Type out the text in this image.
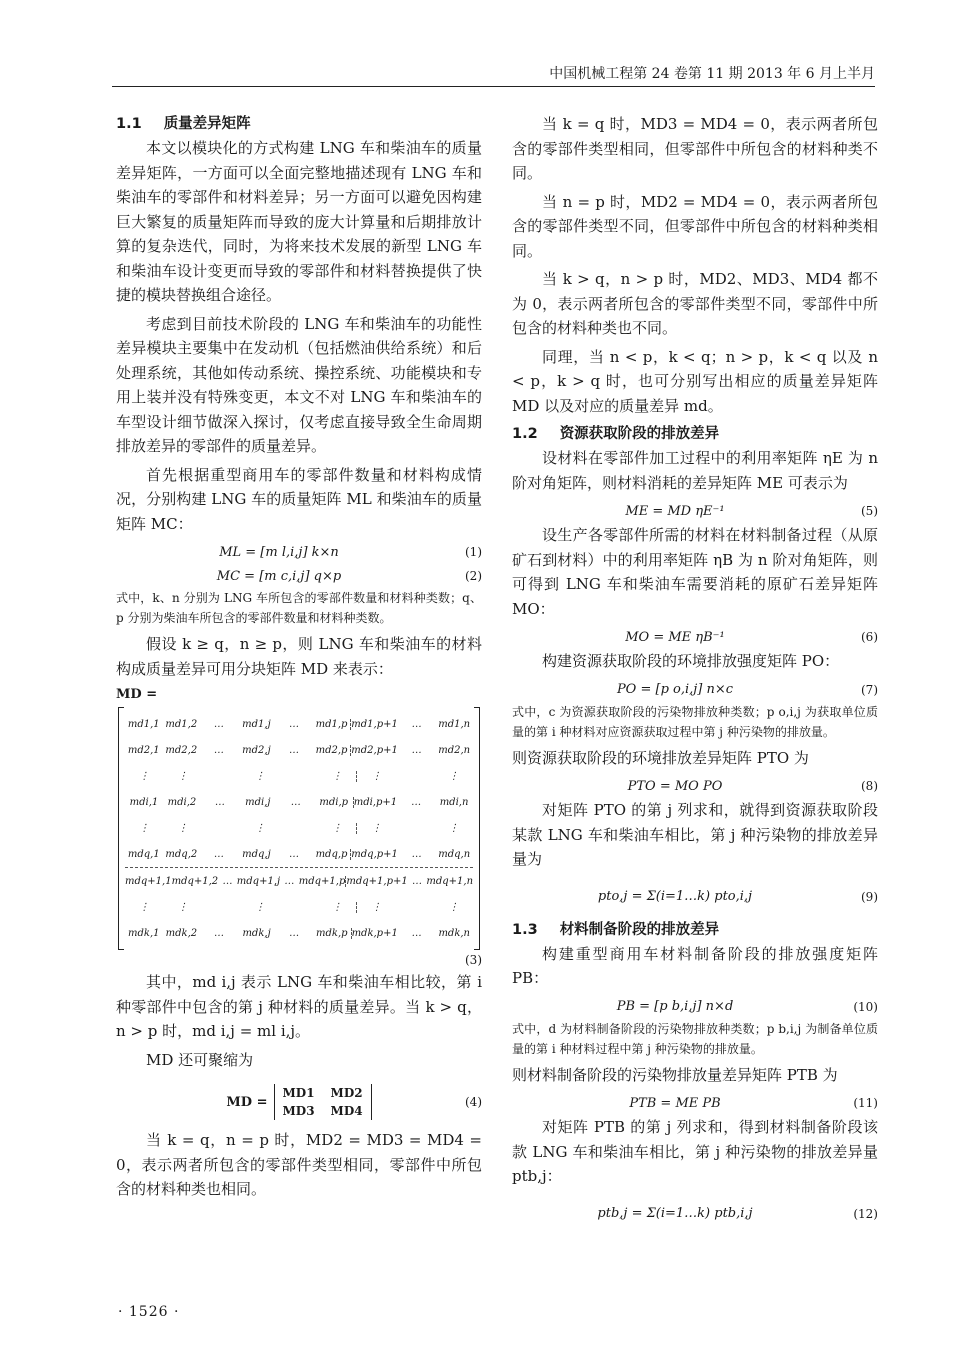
中国机械工程第 24 卷第 11 期 2013 年 6 月上半月
1.1 质量差异矩阵

本文以模块化的方式构建 LNG 车和柴油车的质量差异矩阵，一方面可以全面完整地描述现有 LNG 车和柴油车的零部件和材料差异；另一方面可以避免因构建巨大繁复的质量矩阵而导致的庞大计算量和后期排放计算的复杂迭代，同时，为将来技术发展的新型 LNG 车和柴油车设计变更而导致的零部件和材料替换提供了快捷的模块替换组合途径。

考虑到目前技术阶段的 LNG 车和柴油车的功能性差异模块主要集中在发动机（包括燃油供给系统）和后处理系统，其他如传动系统、操控系统、功能模块和专用上装并没有特殊变更，本文不对 LNG 车和柴油车的车型设计细节做深入探讨，仅考虑直接导致全生命周期排放差异的零部件的质量差异。

首先根据重型商用车的零部件数量和材料构成情况，分别构建 LNG 车的质量矩阵 ML 和柴油车的质量矩阵 MC：

ML = [m l,i,j] k×n	(1)
MC = [m c,i,j] q×p	(2)

式中，k、n 分别为 LNG 车所包含的零部件数量和材料种类数；q、p 分别为柴油车所包含的零部件数量和材料种类数。

假设 k ≥ q，n ≥ p，则 LNG 车和柴油车的材料构成质量差异可用分块矩阵 MD 来表示：

MD =
md1,1 md1,2	…	md1,j	…	md1,p md1,p+1	…	md1,n
md2,1 md2,2	…	md2,j	…	md2,p md2,p+1	…	md2,n
⋮	⋮	⋮	⋮	⋮	⋮
mdi,1 mdi,2	…	mdi,j	…	mdi,p mdi,p+1	…	mdi,n
⋮	⋮	⋮	⋮	⋮	⋮
mdq,1 mdq,2	…	mdq,j	…	mdq,p mdq,p+1	…	mdq,n
mdq+1,1 mdq+1,2 … mdq+1,j … mdq+1,p mdq+1,p+1 … mdq+1,n
⋮	⋮	⋮	⋮	⋮	⋮
mdk,1 mdk,2	…	mdk,j	…	mdk,p mdk,p+1	…	mdk,n
(3)

其中，md i,j 表示 LNG 车和柴油车相比较，第 i 种零部件中包含的第 j 种材料的质量差异。当 k > q，n > p 时，md i,j = ml i,j。

MD 还可聚缩为

MD =
MD1 MD2
MD3 MD4
(4)

当 k = q，n = p 时，MD2 = MD3 = MD4 = 0，表示两者所包含的零部件类型相同，零部件中所包含的材料种类也相同。

当 k = q 时，MD3 = MD4 = 0，表示两者所包含的零部件类型相同，但零部件中所包含的材料种类不同。

当 n = p 时，MD2 = MD4 = 0，表示两者所包含的零部件类型不同，但零部件中所包含的材料种类相同。

当 k > q，n > p 时，MD2、MD3、MD4 都不为 0，表示两者所包含的零部件类型不同，零部件中所包含的材料种类也不同。

同理，当 n < p，k < q；n > p，k < q 以及 n < p，k > q 时，也可分别写出相应的质量差异矩阵 MD 以及对应的质量差异 md。

1.2 资源获取阶段的排放差异

设材料在零部件加工过程中的利用率矩阵 ηE 为 n 阶对角矩阵，则材料消耗的差异矩阵 ME 可表示为

ME = MD ηE⁻¹	(5)

设生产各零部件所需的材料在材料制备过程（从原矿石到材料）中的利用率矩阵 ηB 为 n 阶对角矩阵，则可得到 LNG 车和柴油车需要消耗的原矿石差异矩阵 MO：

MO = ME ηB⁻¹	(6)

构建资源获取阶段的环境排放强度矩阵 PO：

PO = [p o,i,j] n×c	(7)

式中，c 为资源获取阶段的污染物排放种类数；p o,i,j 为获取单位质量的第 i 种材料对应资源获取过程中第 j 种污染物的排放量。

则资源获取阶段的环境排放差异矩阵 PTO 为

PTO = MO PO	(8)

对矩阵 PTO 的第 j 列求和，就得到资源获取阶段某款 LNG 车和柴油车相比，第 j 种污染物的排放差异量为

pto,j = Σ(i=1…k) pto,i,j	(9)
1.3 材料制备阶段的排放差异

构建重型商用车材料制备阶段的排放强度矩阵 PB：

PB = [p b,i,j] n×d	(10)

式中，d 为材料制备阶段的污染物排放种类数；p b,i,j 为制备单位质量的第 i 种材料过程中第 j 种污染物的排放量。

则材料制备阶段的污染物排放量差异矩阵 PTB 为

PTB = ME PB	(11)

对矩阵 PTB 的第 j 列求和，得到材料制备阶段该款 LNG 车和柴油车相比，第 j 种污染物的排放差异量 ptb,j：

ptb,j = Σ(i=1…k) ptb,i,j	(12)
· 1526 ·
